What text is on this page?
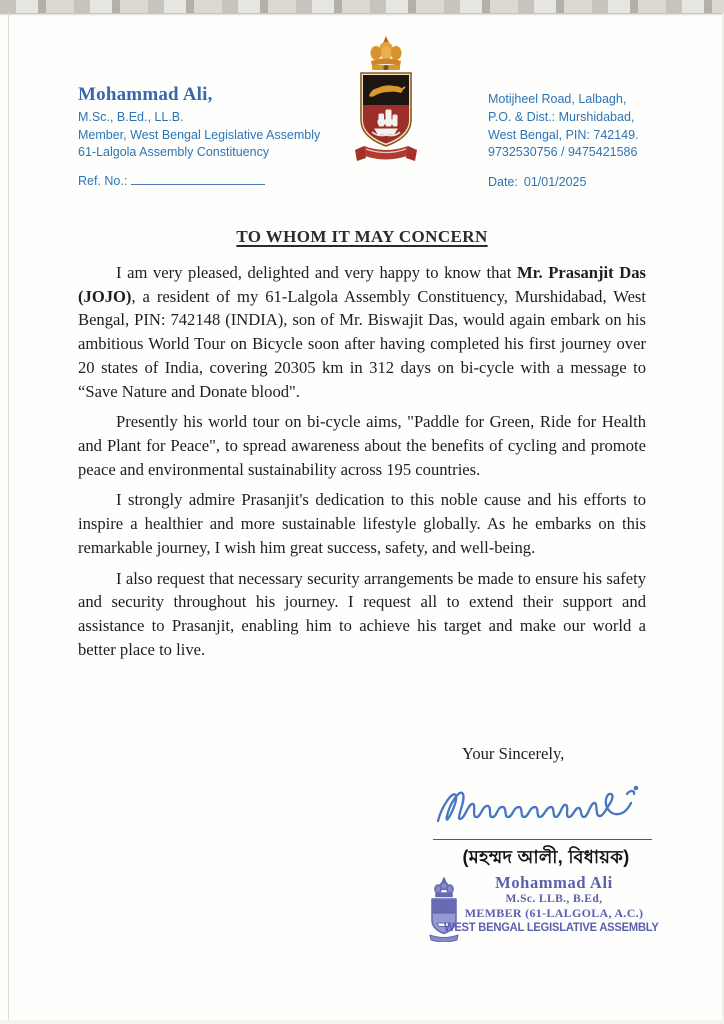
Mohammad Ali,
M.Sc., B.Ed., LL.B.
Member, West Bengal Legislative Assembly
61-Lalgola Assembly Constituency
Motijheel Road, Lalbagh,
P.O. & Dist.: Murshidabad,
West Bengal, PIN: 742149.
9732530756 / 9475421586
Ref. No.:	Date: 01/01/2025
TO WHOM IT MAY CONCERN

I am very pleased, delighted and very happy to know that Mr. Prasanjit Das (JOJO), a resident of my 61-Lalgola Assembly Constituency, Murshidabad, West Bengal, PIN: 742148 (INDIA), son of Mr. Biswajit Das, would again embark on his ambitious World Tour on Bicycle soon after having completed his first journey over 20 states of India, covering 20305 km in 312 days on bi-cycle with a message to “Save Nature and Donate blood".

Presently his world tour on bi-cycle aims, "Paddle for Green, Ride for Health and Plant for Peace", to spread awareness about the benefits of cycling and promote peace and environmental sustainability across 195 countries.

I strongly admire Prasanjit's dedication to this noble cause and his efforts to inspire a healthier and more sustainable lifestyle globally. As he embarks on this remarkable journey, I wish him great success, safety, and well-being.

I also request that necessary security arrangements be made to ensure his safety and security throughout his journey. I request all to extend their support and assistance to Prasanjit, enabling him to achieve his target and make our world a better place to live.

Your Sincerely,
(মহম্মদ আলী, বিধায়ক)
Mohammad Ali
M.Sc. LLB., B.Ed,
MEMBER (61-LALGOLA, A.C.)
WEST BENGAL LEGISLATIVE ASSEMBLY
